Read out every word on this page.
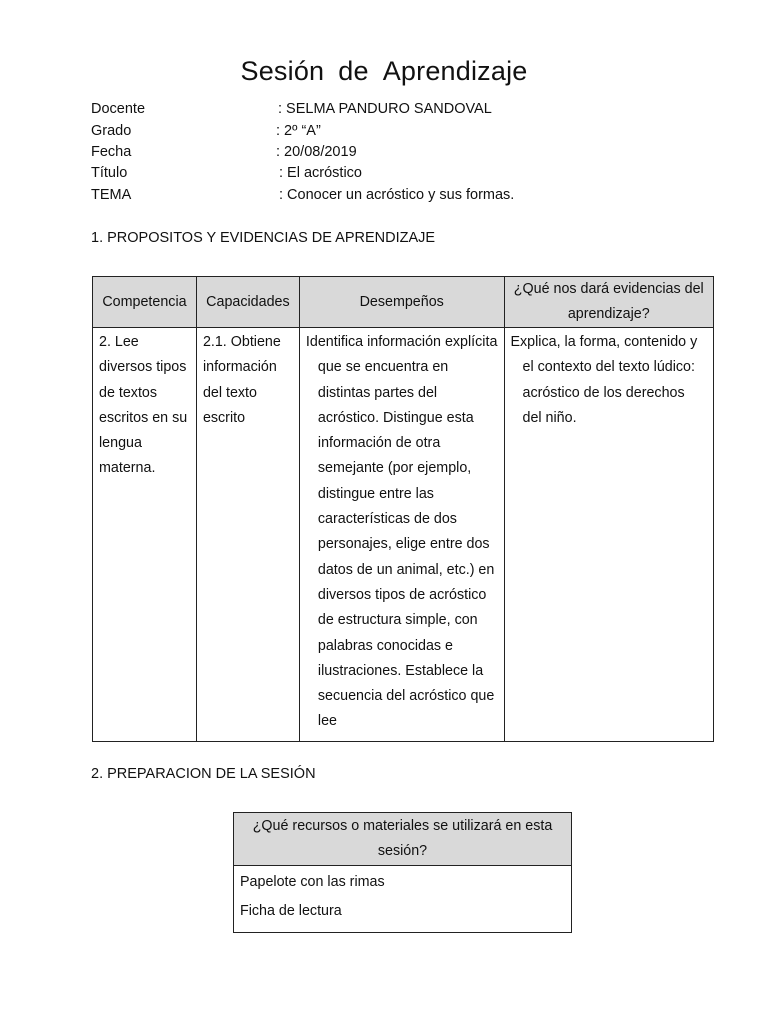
Sesión de Aprendizaje
Docente	: SELMA PANDURO SANDOVAL
Grado	: 2º “A”
Fecha	: 20/08/2019
Título	: El acróstico
TEMA	: Conocer un acróstico y sus formas.
1. PROPOSITOS Y EVIDENCIAS DE APRENDIZAJE
Competencia	Capacidades	Desempeños	¿Qué nos dará evidencias del aprendizaje?
2. Lee diversos tipos de textos escritos en su lengua materna.	2.1. Obtiene información del texto escrito	Identifica información explícita que se encuentra en distintas partes del acróstico. Distingue esta información de otra semejante (por ejemplo, distingue entre las características de dos personajes, elige entre dos datos de un animal, etc.) en diversos tipos de acróstico de estructura simple, con palabras conocidas e ilustraciones. Establece la secuencia del acróstico que lee	Explica, la forma, contenido y el contexto del texto lúdico: acróstico de los derechos del niño.
2. PREPARACION DE LA SESIÓN
¿Qué recursos o materiales se utilizará en esta sesión?

Papelote con las rimas
Ficha de lectura
